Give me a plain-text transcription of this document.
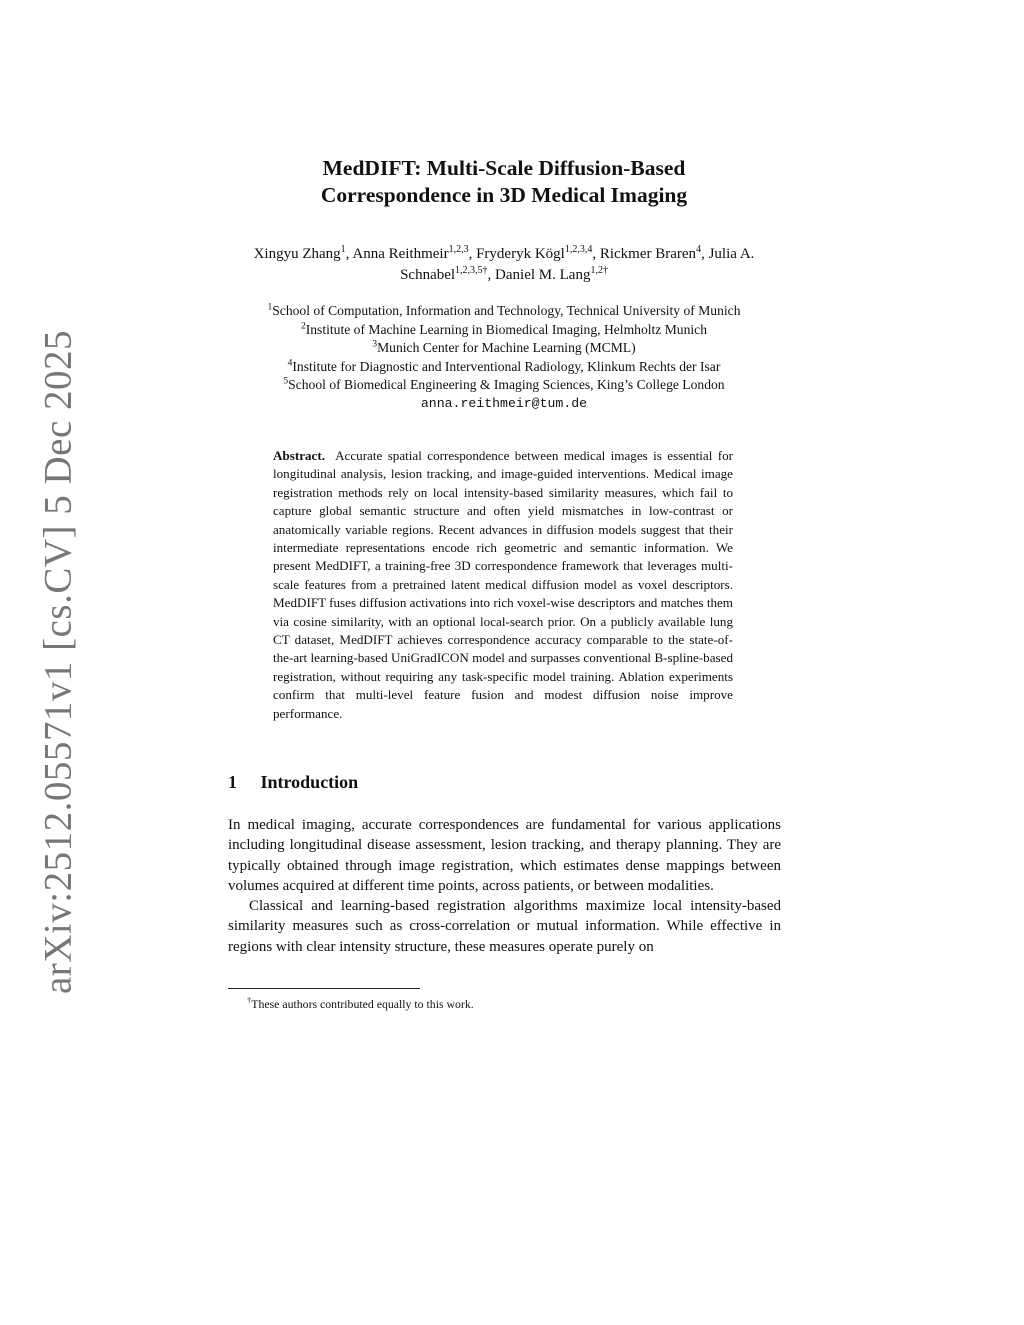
arXiv:2512.05571v1 [cs.CV] 5 Dec 2025
MedDIFT: Multi-Scale Diffusion-Based
Correspondence in 3D Medical Imaging
Xingyu Zhang$^1$, Anna Reithmeir$^{1,2,3}$, Fryderyk Kögl$^{1,2,3,4}$, Rickmer Braren$^4$, Julia A. Schnabel$^{1,2,3,5\dagger}$, Daniel M. Lang$^{1,2\dagger}$
$^1$School of Computation, Information and Technology, Technical University of Munich
$^2$Institute of Machine Learning in Biomedical Imaging, Helmholtz Munich
$^3$Munich Center for Machine Learning (MCML)
$^4$Institute for Diagnostic and Interventional Radiology, Klinkum Rechts der Isar
$^5$School of Biomedical Engineering & Imaging Sciences, King’s College London
anna.reithmeir@tum.de
Abstract. Accurate spatial correspondence between medical images is essential for longitudinal analysis, lesion tracking, and image-guided interventions. Medical image registration methods rely on local intensity-based similarity measures, which fail to capture global semantic structure and often yield mismatches in low-contrast or anatomically variable regions. Recent advances in diffusion models suggest that their intermediate representations encode rich geometric and semantic information. We present MedDIFT, a training-free 3D correspondence framework that leverages multi-scale features from a pretrained latent medical diffusion model as voxel descriptors. MedDIFT fuses diffusion activations into rich voxel-wise descriptors and matches them via cosine similarity, with an optional local-search prior. On a publicly available lung CT dataset, MedDIFT achieves correspondence accuracy comparable to the state-of-the-art learning-based UniGradICON model and surpasses conventional B-spline-based registration, without requiring any task-specific model training. Ablation experiments confirm that multi-level feature fusion and modest diffusion noise improve performance.
1 Introduction

In medical imaging, accurate correspondences are fundamental for various applications including longitudinal disease assessment, lesion tracking, and therapy planning. They are typically obtained through image registration, which estimates dense mappings between volumes acquired at different time points, across patients, or between modalities.

Classical and learning-based registration algorithms maximize local intensity-based similarity measures such as cross-correlation or mutual information. While effective in regions with clear intensity structure, these measures operate purely on

†These authors contributed equally to this work.
